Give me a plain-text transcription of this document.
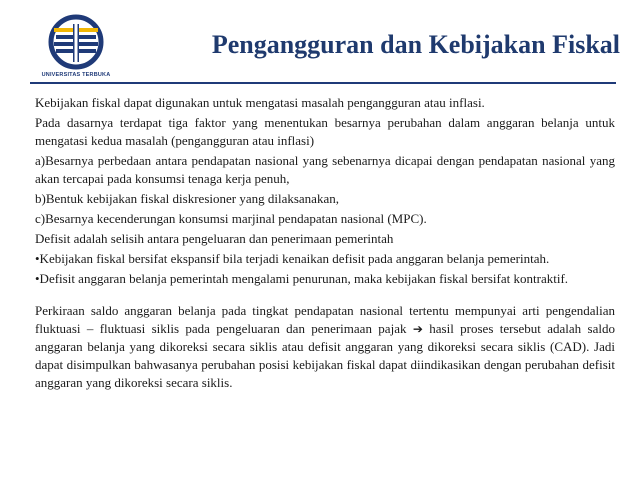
UNIVERSITAS TERBUKA
Pengangguran dan Kebijakan Fiskal

Kebijakan fiskal dapat digunakan untuk mengatasi masalah pengangguran atau inflasi.

Pada dasarnya terdapat tiga faktor yang menentukan besarnya perubahan dalam anggaran belanja untuk mengatasi kedua masalah (pengangguran atau inflasi)

a)Besarnya perbedaan antara pendapatan nasional yang sebenarnya dicapai dengan pendapatan nasional yang akan tercapai pada konsumsi tenaga kerja penuh,

b)Bentuk kebijakan fiskal diskresioner yang dilaksanakan,

c)Besarnya kecenderungan konsumsi marjinal pendapatan nasional (MPC).

Defisit adalah selisih antara pengeluaran dan penerimaan pemerintah

•Kebijakan fiskal bersifat ekspansif bila terjadi kenaikan defisit pada anggaran belanja pemerintah.

•Defisit anggaran belanja pemerintah mengalami penurunan, maka kebijakan fiskal bersifat kontraktif.

Perkiraan saldo anggaran belanja pada tingkat pendapatan nasional tertentu mempunyai arti pengendalian fluktuasi – fluktuasi siklis pada pengeluaran dan penerimaan pajak ➔ hasil proses tersebut adalah saldo anggaran belanja yang dikoreksi secara siklis atau defisit anggaran yang dikoreksi secara siklis (CAD). Jadi dapat disimpulkan bahwasanya perubahan posisi kebijakan fiskal dapat diindikasikan dengan perubahan defisit anggaran yang dikoreksi secara siklis.
